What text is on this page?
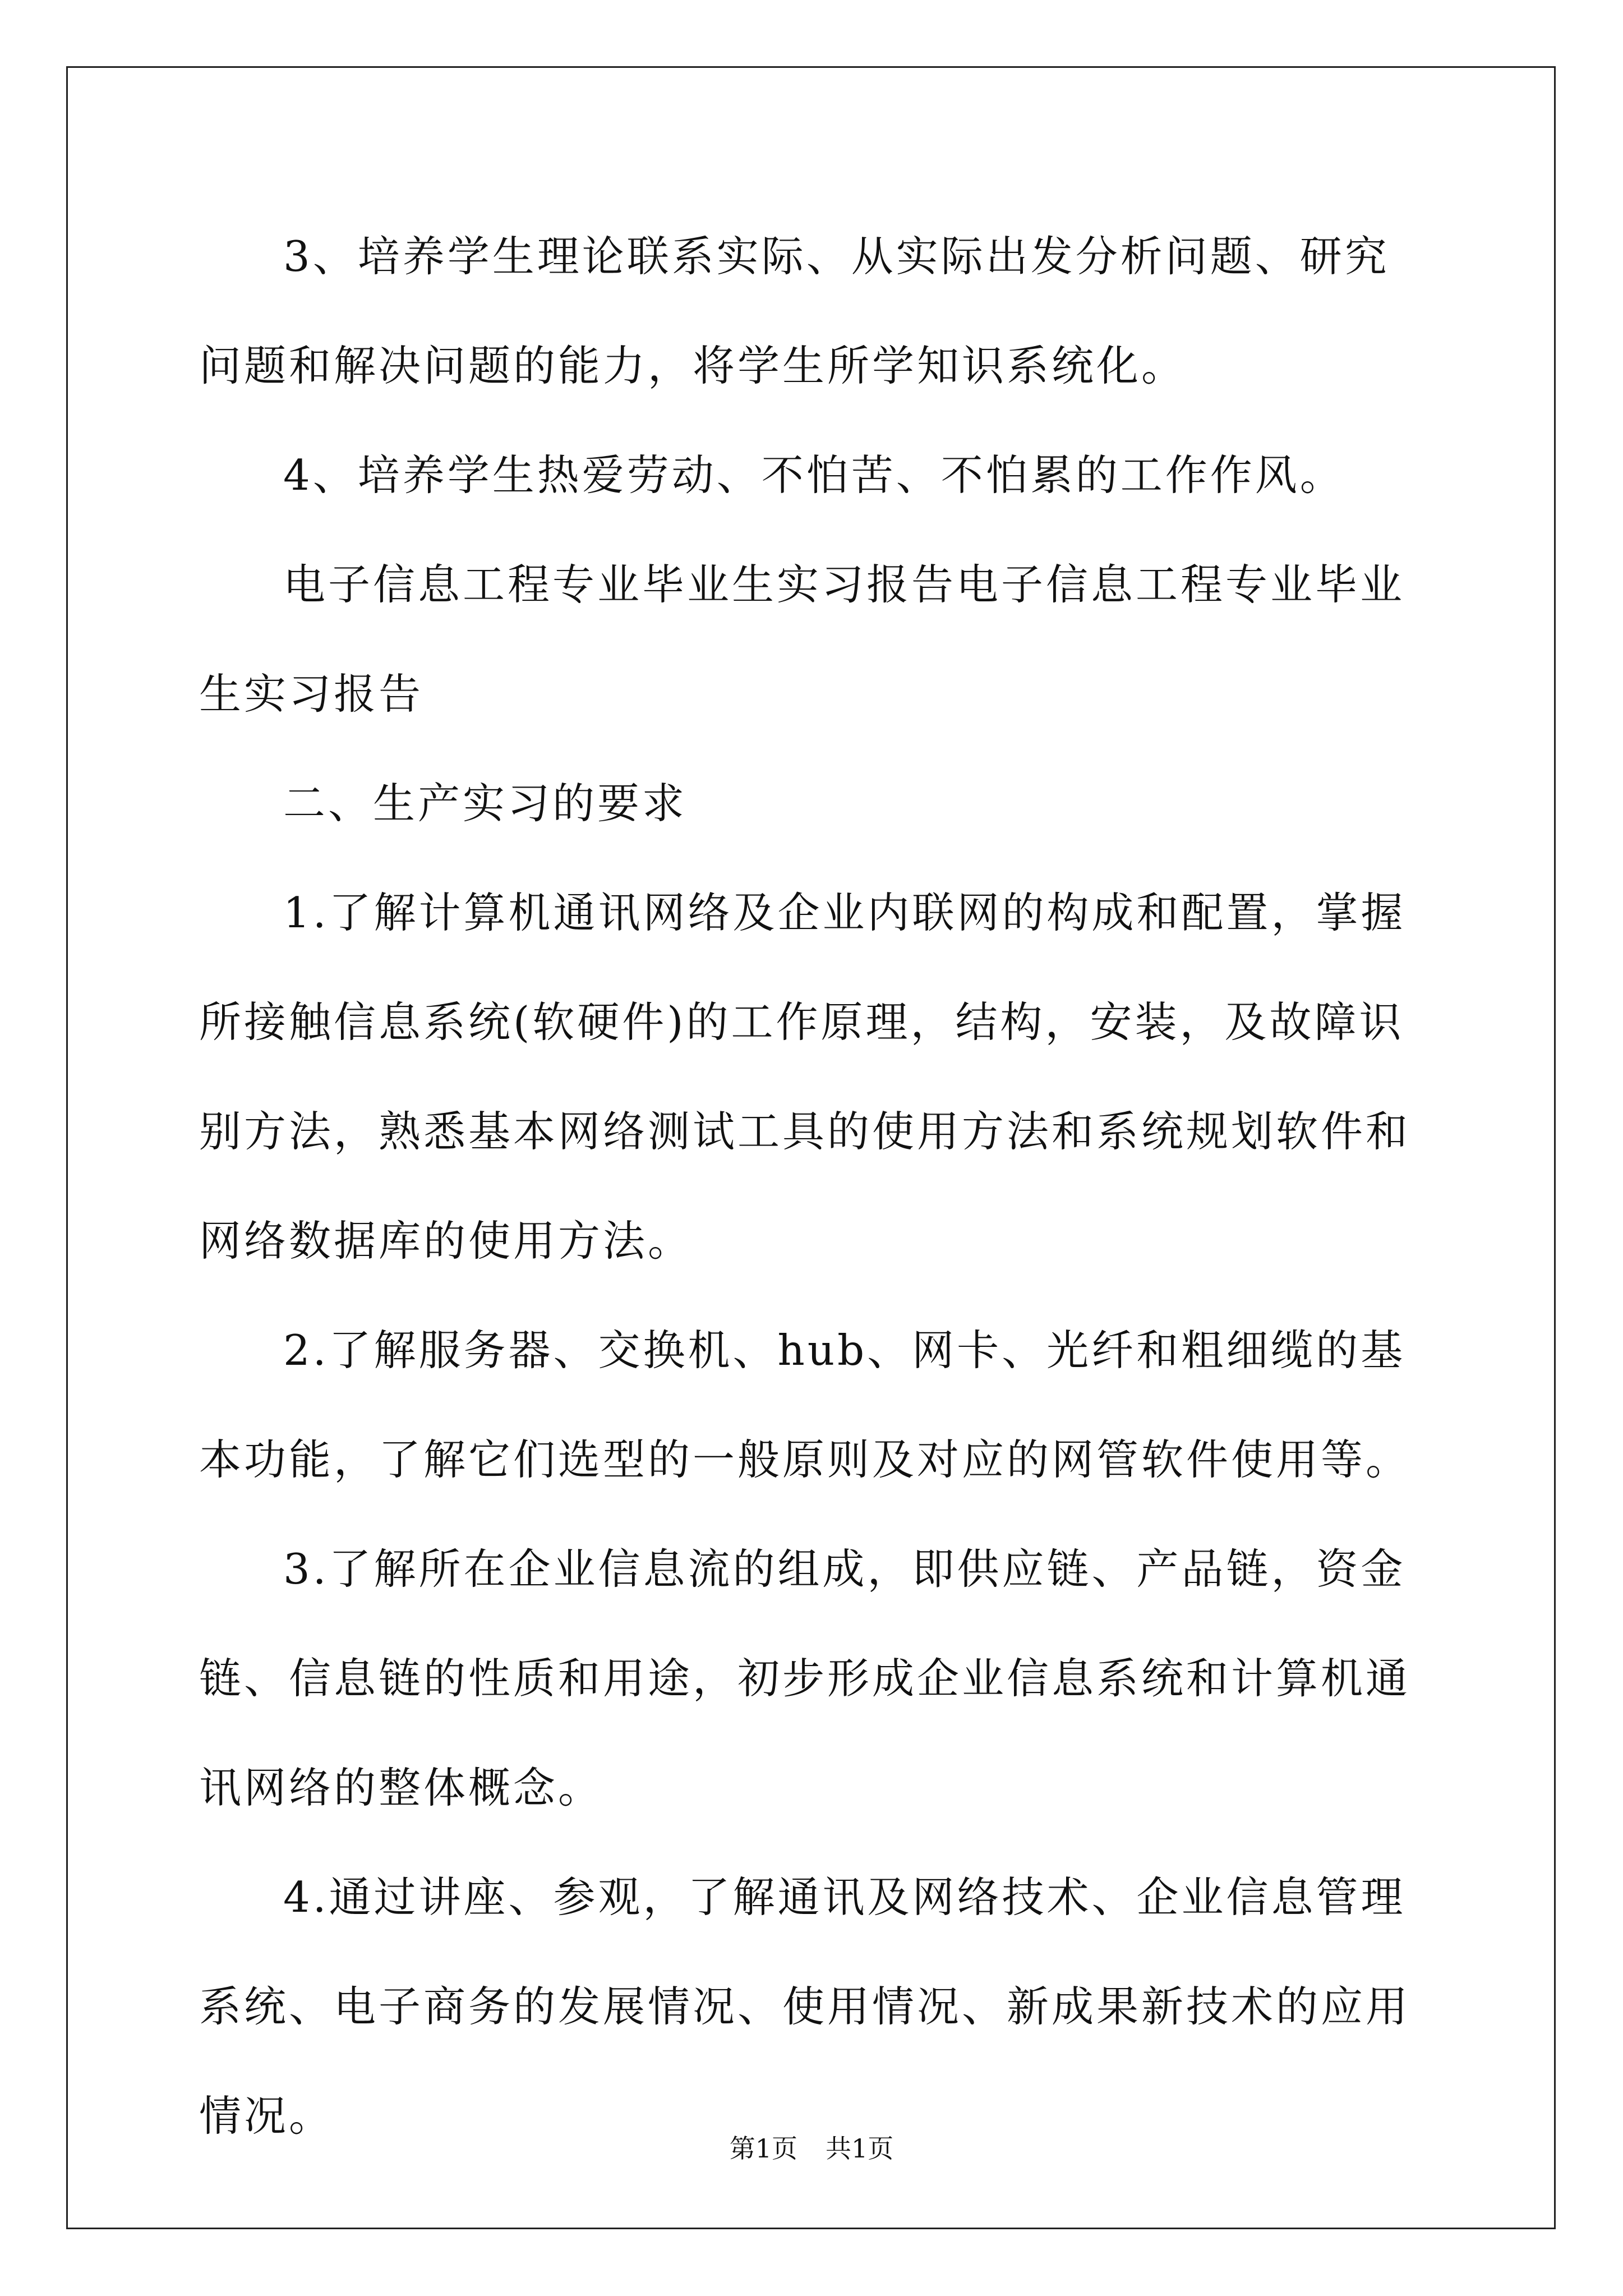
3、培养学生理论联系实际、从实际出发分析问题、研究问题和解决问题的能力，将学生所学知识系统化。

4、培养学生热爱劳动、不怕苦、不怕累的工作作风。

电子信息工程专业毕业生实习报告电子信息工程专业毕业生实习报告

二、生产实习的要求

1.了解计算机通讯网络及企业内联网的构成和配置，掌握所接触信息系统(软硬件)的工作原理，结构，安装，及故障识别方法，熟悉基本网络测试工具的使用方法和系统规划软件和网络数据库的使用方法。

2.了解服务器、交换机、hub、网卡、光纤和粗细缆的基本功能，了解它们选型的一般原则及对应的网管软件使用等。

3.了解所在企业信息流的组成，即供应链、产品链，资金链、信息链的性质和用途，初步形成企业信息系统和计算机通讯网络的整体概念。

4.通过讲座、参观，了解通讯及网络技术、企业信息管理系统、电子商务的发展情况、使用情况、新成果新技术的应用情况。

第1页 共1页
